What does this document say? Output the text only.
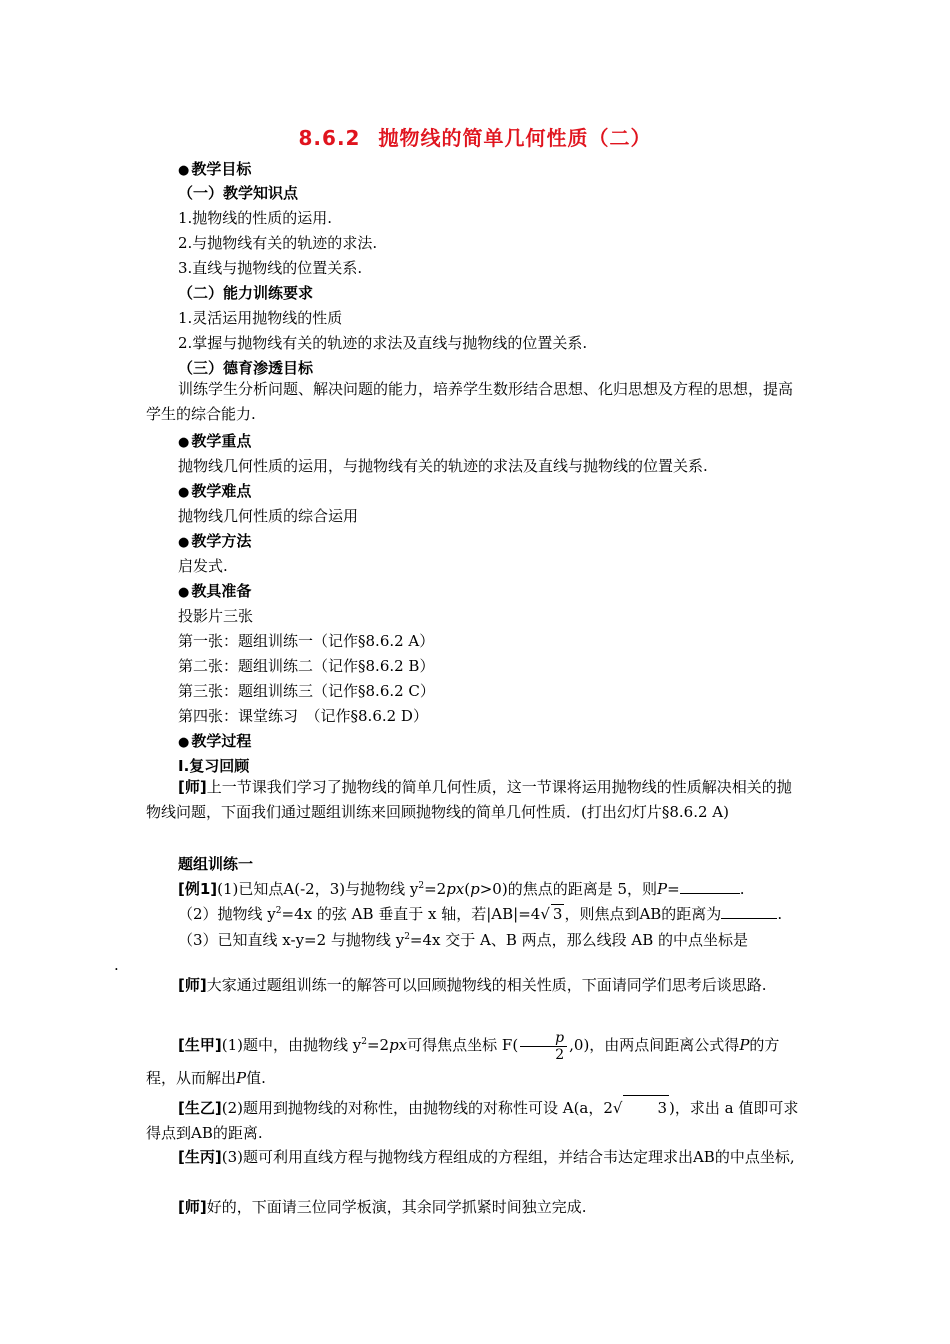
8.6.2 抛物线的简单几何性质（二）
● 教学目标
（一）教学知识点
1.抛物线的性质的运用.
2.与抛物线有关的轨迹的求法.
3.直线与抛物线的位置关系.
（二）能力训练要求
1.灵活运用抛物线的性质
2.掌握与抛物线有关的轨迹的求法及直线与抛物线的位置关系.
（三）德育渗透目标
训练学生分析问题、解决问题的能力，培养学生数形结合思想、化归思想及方程的思想，提高学生的综合能力.
● 教学重点
抛物线几何性质的运用，与抛物线有关的轨迹的求法及直线与抛物线的位置关系.
● 教学难点
抛物线几何性质的综合运用
● 教学方法
启发式.
● 教具准备
投影片三张
第一张：题组训练一（记作§8.6.2 A）
第二张：题组训练二（记作§8.6.2 B）
第三张：题组训练三（记作§8.6.2 C）
第四张：课堂练习　（记作§8.6.2 D）
● 教学过程
Ⅰ.复习回顾
[师]上一节课我们学习了抛物线的简单几何性质，这一节课将运用抛物线的性质解决相关的抛物线问题，下面我们通过题组训练来回顾抛物线的简单几何性质．(打出幻灯片§8.6.2 A)
题组训练一
[例1](1)已知点A(-2，3)与抛物线 $y^2=2px(p>0)$的焦点的距离是 5，则P=	.
（2）抛物线 $y^2=4x$ 的弦 AB 垂直于 x 轴，若|AB|=4√ 3 ，则焦点到AB的距离为	.
（3）已知直线 x-y=2 与抛物线 $y^2=4x$ 交于 A、B 两点，那么线段 AB 的中点坐标是
.
[师]大家通过题组训练一的解答可以回顾抛物线的相关性质，下面请同学们思考后谈思路.
[生甲](1)题中，由抛物线 $y^2=2px$可得焦点坐标 $F( \frac{p}{2} ,0)$，由两点间距离公式得P的方程，从而解出P值.
[生乙](2)题用到抛物线的对称性，由抛物线的对称性可设 A(a，2√ 3 )，求出 a 值即可求得点到AB的距离.
[生丙](3)题可利用直线方程与抛物线方程组成的方程组，并结合韦达定理求出AB的中点坐标,
[师]好的，下面请三位同学板演，其余同学抓紧时间独立完成.
